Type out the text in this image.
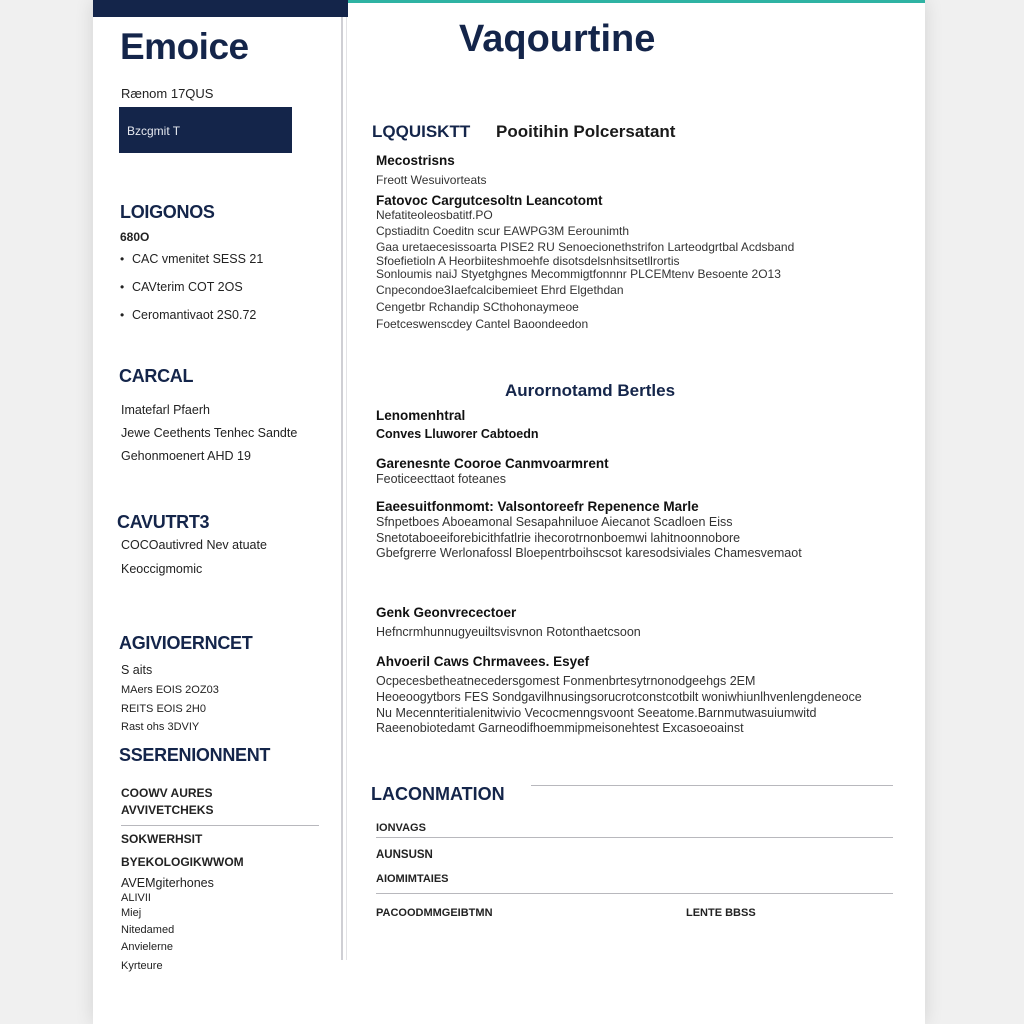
Emoice
Rænom 17QUS
Bzcgmit T
LOIGONOS
680O
• CAC vmenitet SESS 21
• CAVterim COT 2OS
• Ceromantivaot 2S0.72
CARCAL
Imatefarl Pfaerh
Jewe Ceethents Tenhec Sandte
Gehonmoenert AHD 19
CAVUTRT3
COCOautivred Nev atuate
Keoccigmomic
AGIVIOERNCET
S aits
MAers EOIS 2OZ03
REITS EOIS 2H0
Rast ohs 3DVIY
SSERENIONNENT
COOWV AURES
AVVIVETCHEKS
SOKWERHSIT
BYEKOLOGIKWWOM
AVEMgiterhones
ALIVII
Miej
Nitedamed
Anvielerne
Kyrteure
Vaqourtine
LQQUISKTT Pooitihin Polcersatant
Mecostrisns
Freott Wesuivorteats
Fatovoc Cargutcesoltn Leancotomt
Nefatiteoleosbatitf.PO
Cpstiaditn Coeditn scur EAWPG3M Eerounimth
Gaa uretaecesissoarta PISE2 RU Senoecionethstrifon Larteodgrtbal Acdsband
Sfoefietioln A Heorbiiteshmoehfe disotsdelsnhsitsetllrortis
Sonloumis naiJ Styetghgnes Mecommigtfonnnr PLCEMtenv Besoente 2O13
Cnpecondoe3Iaefcalcibemieet Ehrd Elgethdan
Cengetbr Rchandip SCthohonaymeoe
Foetceswenscdey Cantel Baoondeedon
Aurornotamd Bertles
Lenomenhtral
Conves Lluworer Cabtoedn
Garenesnte Cooroe Canmvoarmrent
Feoticeecttaot foteanes
Eaeesuitfonmomt: Valsontoreefr Repenence Marle
Sfnpetboes Aboeamonal Sesapahniluoe Aiecanot Scadloen Eiss
Snetotaboeeiforebicithfatlrie ihecorotrnonboemwi lahitnoonnobore
Gbefgrerre Werlonafossl Bloepentrboihscsot karesodsiviales Chamesvemaot
Genk Geonvrecectoer
Hefncrmhunnugyeuiltsvisvnon Rotonthaetcsoon
Ahvoeril Caws Chrmavees. Esyef
Ocpecesbetheatnecedersgomest Fonmenbrtesytrnonodgeehgs 2EM
Heoeoogytbors FES Sondgavilhnusingsorucrotconstcotbilt woniwhiunlhvenlengdeneoce
Nu Mecennteritialenitwivio Vecocmenngsvoont Seeatome.Barnmutwasuiumwitd
Raeenobiotedamt Garneodifhoemmipmeisonehtest Excasoeoainst
LACONMATION
IONVAGS
AUNSUSN
AIOMIMTAIES
PACOODMMGEIBTMN	LENTE BBSS
